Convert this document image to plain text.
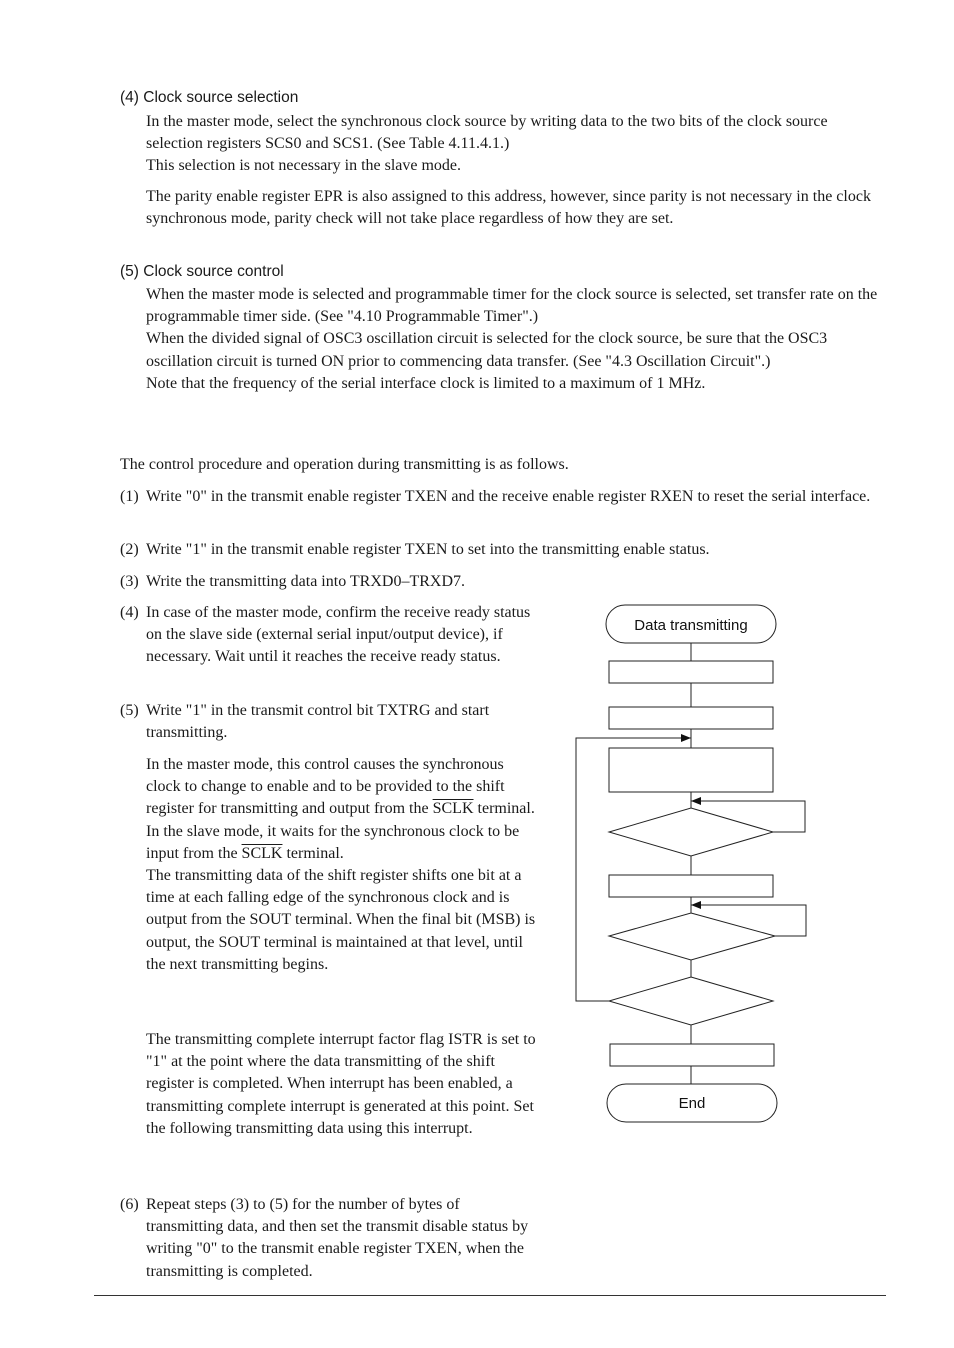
(4) Clock source selection
In the master mode, select the synchronous clock source by writing data to the two bits of the clock source selection registers SCS0 and SCS1. (See Table 4.11.4.1.)
This selection is not necessary in the slave mode.
The parity enable register EPR is also assigned to this address, however, since parity is not necessary in the clock synchronous mode, parity check will not take place regardless of how they are set.
(5) Clock source control
When the master mode is selected and programmable timer for the clock source is selected, set transfer rate on the programmable timer side. (See "4.10 Programmable Timer".)
When the divided signal of OSC3 oscillation circuit is selected for the clock source, be sure that the OSC3 oscillation circuit is turned ON prior to commencing data transfer. (See "4.3 Oscillation Circuit".)
Note that the frequency of the serial interface clock is limited to a maximum of 1 MHz.
The control procedure and operation during transmitting is as follows.
(1) Write "0" in the transmit enable register TXEN and the receive enable register RXEN to reset the serial interface.
(2) Write "1" in the transmit enable register TXEN to set into the transmitting enable status.
(3) Write the transmitting data into TRXD0–TRXD7.
(4) In case of the master mode, confirm the receive ready status on the slave side (external serial input/output device), if necessary. Wait until it reaches the receive ready status.
(5) Write "1" in the transmit control bit TXTRG and start transmitting.
In the master mode, this control causes the synchronous clock to change to enable and to be provided to the shift register for transmitting and output from the SCLK terminal.
In the slave mode, it waits for the synchronous clock to be input from the SCLK terminal.
The transmitting data of the shift register shifts one bit at a time at each falling edge of the synchronous clock and is output from the SOUT terminal. When the final bit (MSB) is output, the SOUT terminal is maintained at that level, until the next transmitting begins.
The transmitting complete interrupt factor flag ISTR is set to "1" at the point where the data transmitting of the shift register is completed. When interrupt has been enabled, a transmitting complete interrupt is generated at this point. Set the following transmitting data using this interrupt.
(6) Repeat steps (3) to (5) for the number of bytes of transmitting data, and then set the transmit disable status by writing "0" to the transmit enable register TXEN, when the transmitting is completed.
Data transmitting
End
